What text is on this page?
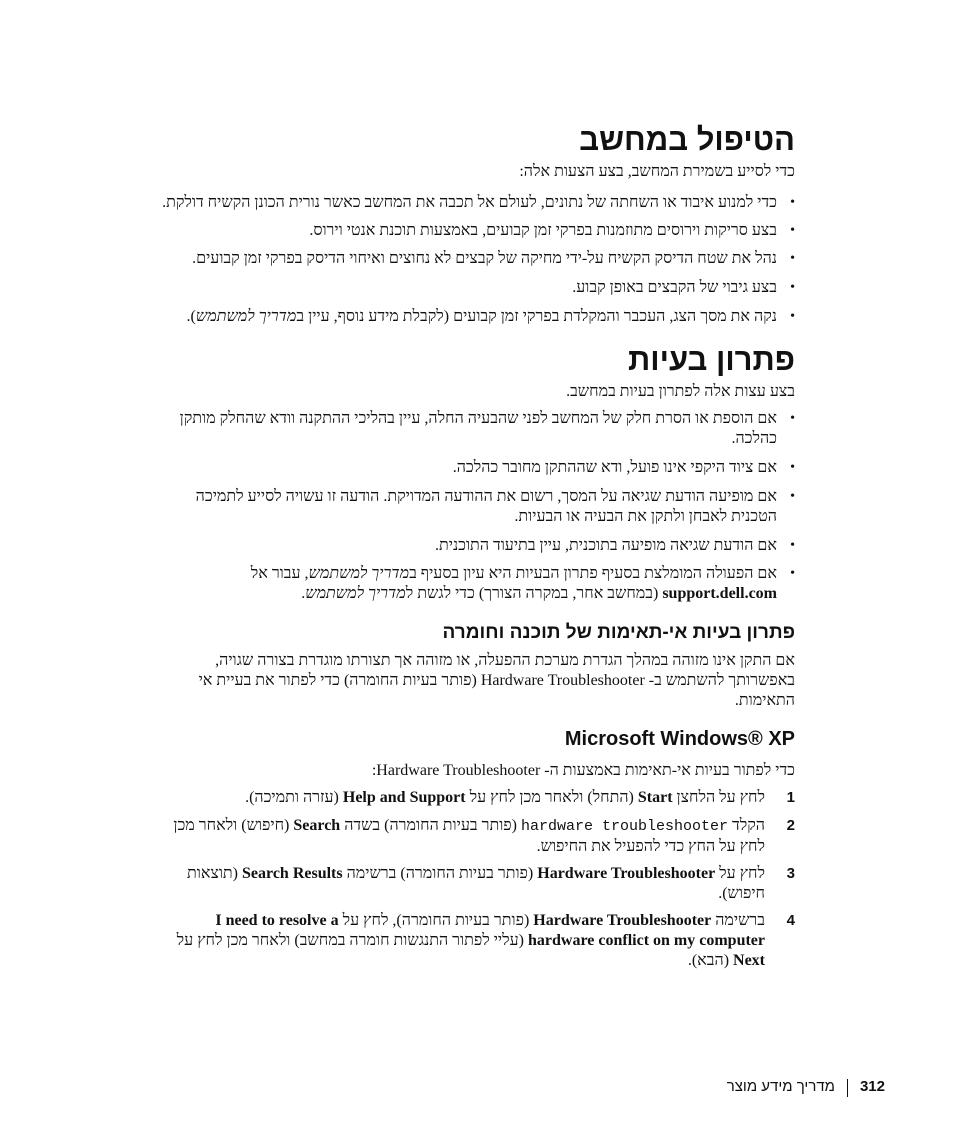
הטיפול במחשב

כדי לסייע בשמירת המחשב, בצע הצעות אלה:

•
כדי למנוע איבוד או השחתה של נתונים, לעולם אל תכבה את המחשב כאשר נורית הכונן הקשיח דולקת.
•
בצע סריקות וירוסים מתוזמנות בפרקי זמן קבועים, באמצעות תוכנת אנטי וירוס.
•
נהל את שטח הדיסק הקשיח על-ידי מחיקה של קבצים לא נחוצים ואיחוי הדיסק בפרקי זמן קבועים.
•
בצע גיבוי של הקבצים באופן קבוע.
•
נקה את מסך הצג, העכבר והמקלדת בפרקי זמן קבועים (לקבלת מידע נוסף, עיין במדריך למשתמש).
פתרון בעיות

בצע עצות אלה לפתרון בעיות במחשב.

•
אם הוספת או הסרת חלק של המחשב לפני שהבעיה החלה, עיין בהליכי ההתקנה וודא שהחלק מותקן כהלכה.
•
אם ציוד היקפי אינו פועל, ודא שההתקן מחובר כהלכה.
•
אם מופיעה הודעת שגיאה על המסך, רשום את ההודעה המדויקת. הודעה זו עשויה לסייע לתמיכה הטכנית לאבחן ולתקן את הבעיה או הבעיות.
•
אם הודעת שגיאה מופיעה בתוכנית, עיין בתיעוד התוכנית.
•
אם הפעולה המומלצת בסעיף פתרון הבעיות היא עיון בסעיף במדריך למשתמש, עבור אל support.dell.com (במחשב אחר, במקרה הצורך) כדי לגשת למדריך למשתמש.
פתרון בעיות אי-תאימות של תוכנה וחומרה

אם התקן אינו מזוהה במהלך הגדרת מערכת ההפעלה, או מזוהה אך תצורתו מוגדרת בצורה שגויה, באפשרותך להשתמש ב- Hardware Troubleshooter (פותר בעיות החומרה) כדי לפתור את בעיית אי התאימות.

Microsoft Windows® XP

כדי לפתור בעיות אי-תאימות באמצעות ה- Hardware Troubleshooter:

1
לחץ על הלחצן Start (התחל) ולאחר מכן לחץ על Help and Support (עזרה ותמיכה).
2
הקלד hardware troubleshooter (פותר בעיות החומרה) בשדה Search (חיפוש) ולאחר מכן לחץ על החץ כדי להפעיל את החיפוש.
3
לחץ על Hardware Troubleshooter (פותר בעיות החומרה) ברשימה Search Results (תוצאות חיפוש).
4
ברשימה Hardware Troubleshooter (פותר בעיות החומרה), לחץ על I need to resolve a hardware conflict on my computer (עליי לפתור התנגשות חומרה במחשב) ולאחר מכן לחץ על Next (הבא).
312מדריך מידע מוצר
